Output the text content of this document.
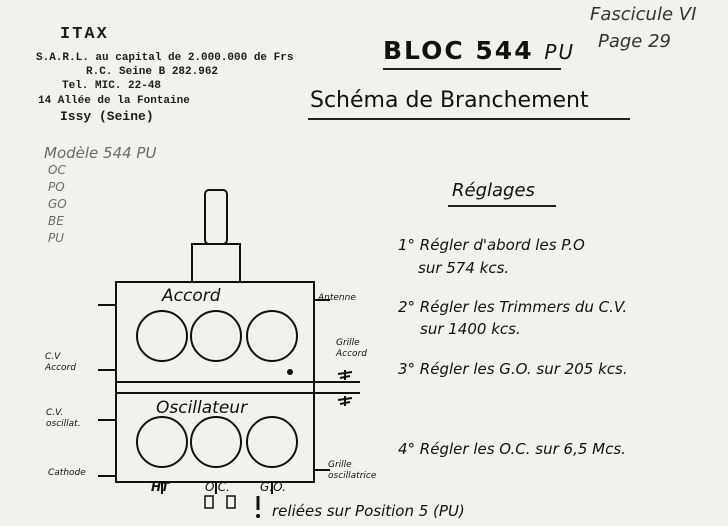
Fascicule VI
Page 29
ITAX
S.A.R.L. au capital de 2.000.000 de Frs
R.C. Seine B 282.962
Tel. MIC. 22-48
14 Allée de la Fontaine
Issy (Seine)
Modèle 544 PU
OC
PO
GO
BE
PU
BLOC 544 PU
Schéma de Branchement
Réglages
1° Régler d'abord les P.O
sur 574 kcs.
2° Régler les Trimmers du C.V.
sur 1400 kcs.
3° Régler les G.O. sur 205 kcs.
4° Régler les O.C. sur 6,5 Mcs.
Accord
Oscillateur
Antenne
Grille Accord
C.V Accord
C.V. oscillat.
Cathode
Grille oscillatrice
HT	O.C.	G.O.
reliées sur Position 5 (PU)
